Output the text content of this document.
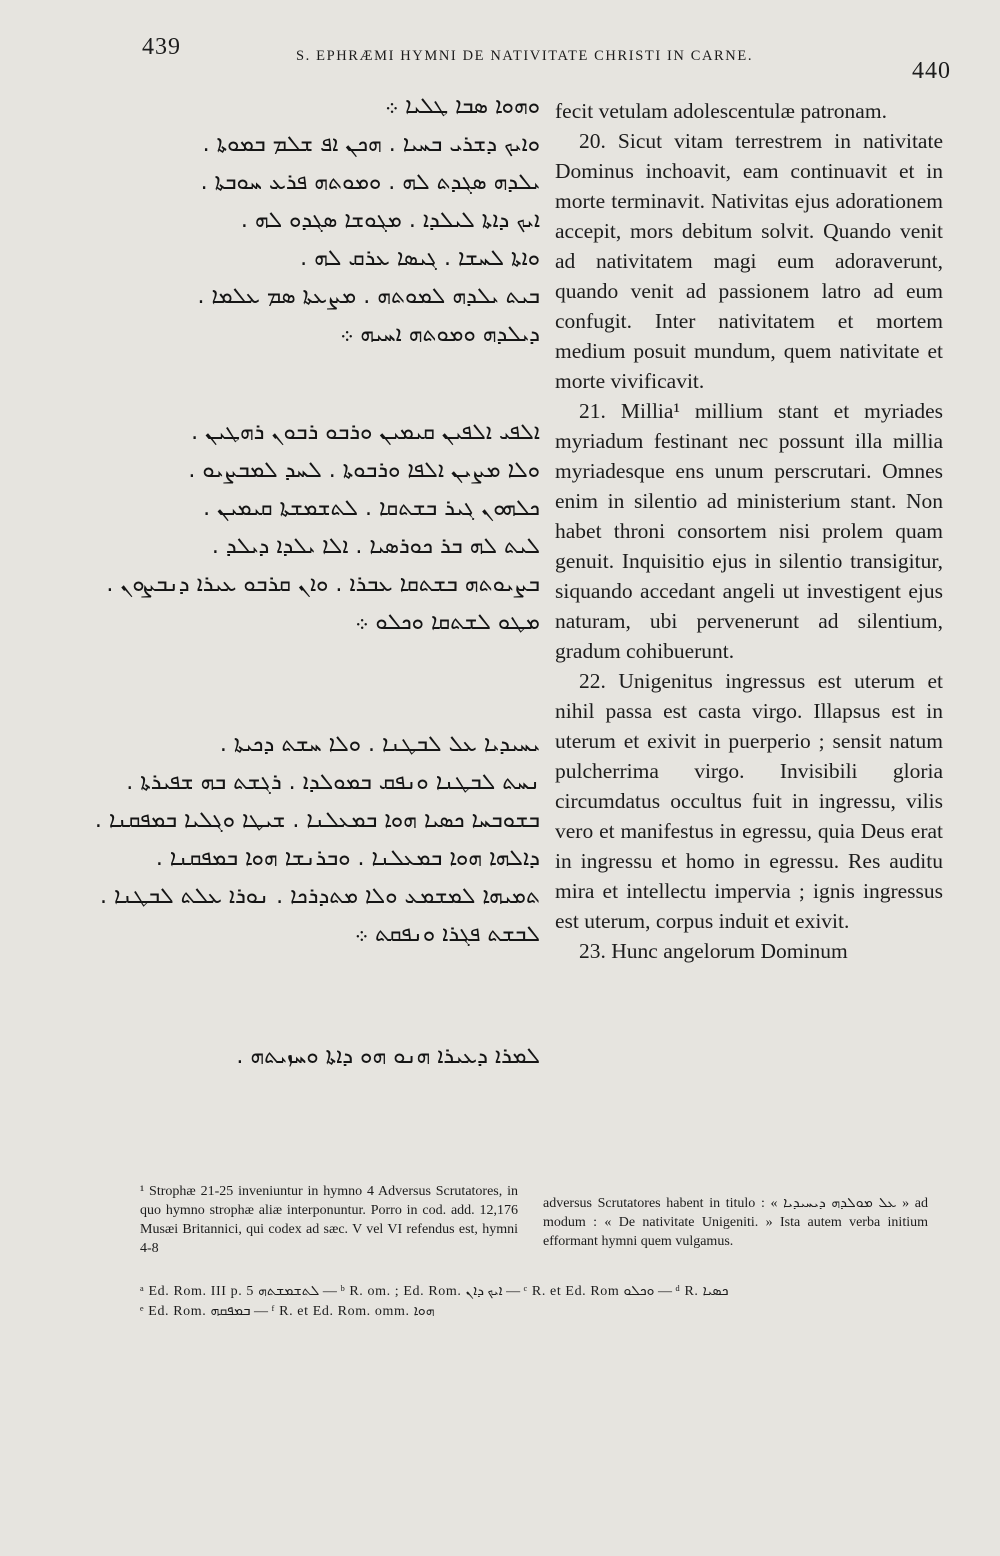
439	S. EPHRÆMI HYMNI DE NATIVITATE CHRISTI IN CARNE.
440
ܘܗܘܐ ܣܒܐ ܛܠܝܐ ܀
ܘܐܝܟ ܕܫܪܝ ܒܚܝܐ . ܗܟܢ ܐܦ ܫܠܡ ܒܡܘܬܐ .
ܝܠܕܗ ܣܓܕܬ ܠܗ . ܘܡܘܬܗ ܦܪܥ ܚܘܒܬܐ .
ܐܝܟ ܕܐܬܐ ܠܝܠܕܐ . ܡܓܘܫܐ ܣܓܕܘ ܠܗ .
ܘܐܬܐ ܠܚܫܐ . ܓܝܣܐ ܥܪܩ ܠܗ .
ܒܝܬ ܝܠܕܗ ܠܡܘܬܗ . ܡܨܥܬܐ ܣܡ ܥܠܡܐ .
ܕܝܠܕܗ ܘܡܘܬܗ ܐܚܝܗ ܀
ܐܠܦܝ ܐܠܦܝܢ ܩܝܡܝܢ ܘܪܒܘ ܪܒܘܢ ܪܗܛܝܢ .
ܘܠܐ ܡܨܝܢ ܐܠܦܐ ܘܪܒܘܬܐ . ܠܚܕ ܠܡܒܨܝܘ .
ܟܠܗܘܢ ܓܝܪ ܒܫܬܩܐ . ܠܬܫܡܫܬܐ ܩܝܡܝܢ .
ܠܝܬ ܠܗ ܒܪ ܟܘܪܣܝܐ . ܐܠܐ ܝܠܕܐ ܕܝܠܕ .
ܒܨܝܘܬܗ ܒܫܬܩܐ ܥܒܪܐ . ܘܐܢ ܩܪܒܘ ܥܝܪܐ ܕܢܒܨܘܢ .
ܡܛܘ ܠܫܬܩܐ ܘܟܠܘ ܀
ܝܚܝܕܝܐ ܥܠ ܠܒܛܢܐ . ܘܠܐ ܚܫܬ ܕܟܝܬܐ .
ܢܚܬ ܠܒܛܢܐ ܘܢܦܩ ܒܡܘܠܕܐ . ܪܓܫܬ ܒܗ ܫܦܝܪܬܐ .
ܒܫܘܒܚܐ ܟܣܝܐ ܗܘܐ ܒܡܥܠܢܐ . ܫܝܛܐ ܘܓܠܝܐ ܒܡܦܩܢܐ .
ܕܐܠܗܐ ܗܘܐ ܒܡܥܠܢܐ . ܘܒܪܢܫܐ ܗܘܐ ܒܡܦܩܢܐ .
ܬܡܝܗܐ ܠܡܫܡܥ ܘܠܐ ܡܬܕܪܟܐ . ܢܘܪܐ ܥܠܬ ܠܒܛܢܐ .
ܠܒܫܬ ܦܓܪܐ ܘܢܦܩܬ ܀
ܠܡܪܐ ܕܥܝܪܐ ܗܢܘ ܗܘ ܕܐܬܐ ܘܚܙܝܬܗ .

fecit vetulam adolescentulæ patronam.

20. Sicut vitam terrestrem in nativitate Dominus inchoavit, eam continuavit et in morte terminavit. Nativitas ejus adorationem accepit, mors debitum solvit. Quando venit ad nativitatem magi eum adoraverunt, quando venit ad passionem latro ad eum confugit. Inter nativitatem et mortem medium posuit mundum, quem nativitate et morte vivificavit.

21. Millia¹ millium stant et myriades myriadum festinant nec possunt illa millia myriadesque ens unum perscrutari. Omnes enim in silentio ad ministerium stant. Non habet throni consortem nisi prolem quam genuit. Inquisitio ejus in silentio transigitur, siquando accedant angeli ut investigent ejus naturam, ubi pervenerunt ad silentium, gradum cohibuerunt.

22. Unigenitus ingressus est uterum et nihil passa est casta virgo. Illapsus est in uterum et exivit in puerperio ; sensit natum pulcherrima virgo. Invisibili gloria circumdatus occultus fuit in ingressu, vilis vero et manifestus in egressu, quia Deus erat in ingressu et homo in egressu. Res auditu mira et intellectu impervia ; ignis ingressus est uterum, corpus induit et exivit.

23. Hunc angelorum Dominum

¹ Strophæ 21-25 inveniuntur in hymno 4 Adversus Scrutatores, in quo hymno strophæ aliæ interponuntur. Porro in cod. add. 12,176 Musæi Britannici, qui codex ad sæc. V vel VI refendus est, hymni 4-8
adversus Scrutatores habent in titulo : « ܥܠ ܡܘܠܕܗ ܕܝܚܝܕܝܐ » ad modum : « De nativitate Unigeniti. » Ista autem verba initium efformant hymni quem vulgamus.
ᵃ Ed. Rom. III p. 5 ܠܬܫܡܫܬܗ — ᵇ R. om. ; Ed. Rom. ܐܝܟ ܕܐܢ — ᶜ R. et Ed. Rom ܘܟܠܘ — ᵈ R. ܟܣܝܐ
ᵉ Ed. Rom. ܒܡܦܩܗ — ᶠ R. et Ed. Rom. omm. ܗܘܐ
